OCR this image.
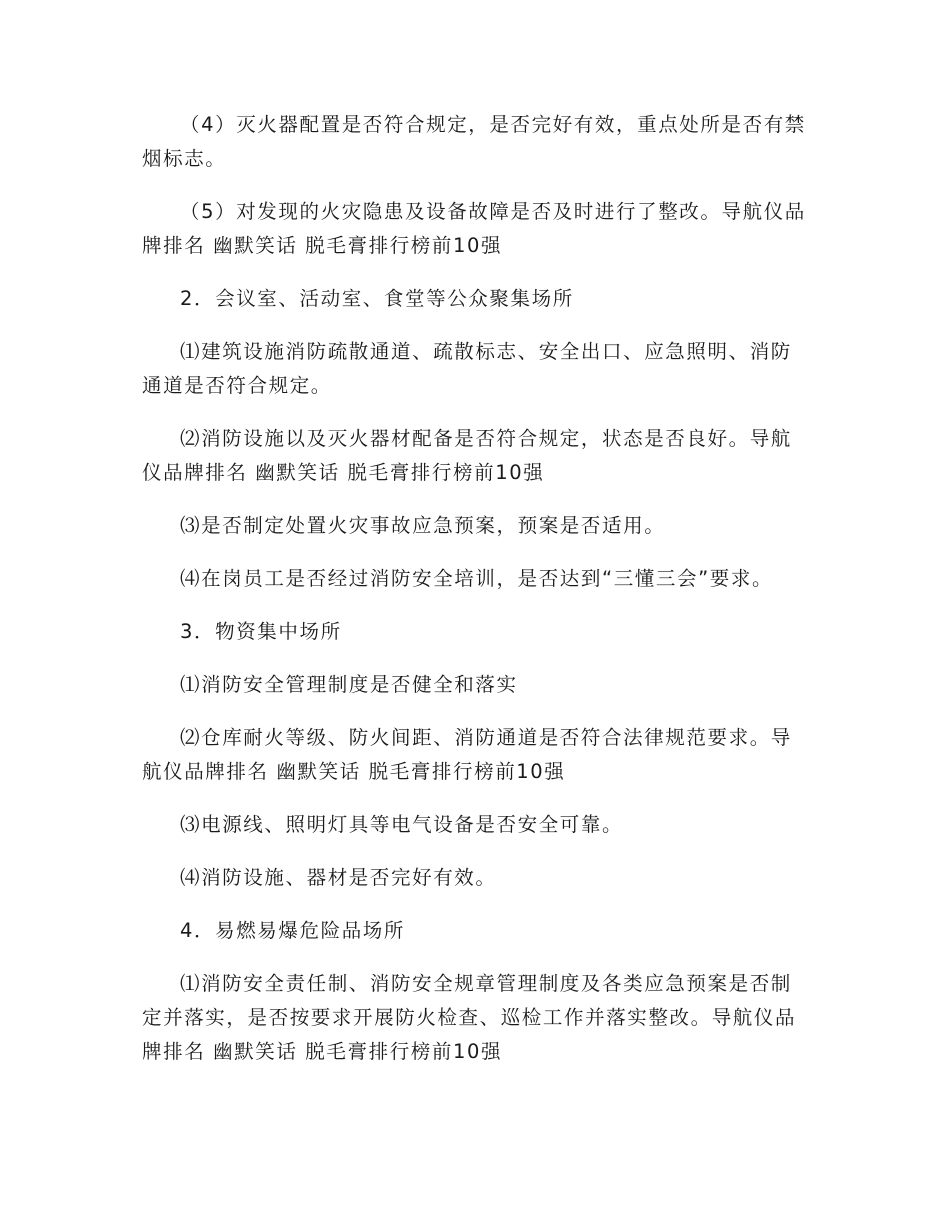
（4）灭火器配置是否符合规定，是否完好有效，重点处所是否有禁烟标志。

（5）对发现的火灾隐患及设备故障是否及时进行了整改。导航仪品牌排名 幽默笑话 脱毛膏排行榜前10强

2．会议室、活动室、食堂等公众聚集场所

⑴建筑设施消防疏散通道、疏散标志、安全出口、应急照明、消防通道是否符合规定。

⑵消防设施以及灭火器材配备是否符合规定，状态是否良好。导航仪品牌排名 幽默笑话 脱毛膏排行榜前10强

⑶是否制定处置火灾事故应急预案，预案是否适用。

⑷在岗员工是否经过消防安全培训，是否达到“三懂三会”要求。

3．物资集中场所

⑴消防安全管理制度是否健全和落实

⑵仓库耐火等级、防火间距、消防通道是否符合法律规范要求。导航仪品牌排名 幽默笑话 脱毛膏排行榜前10强

⑶电源线、照明灯具等电气设备是否安全可靠。

⑷消防设施、器材是否完好有效。

4．易燃易爆危险品场所

⑴消防安全责任制、消防安全规章管理制度及各类应急预案是否制定并落实，是否按要求开展防火检查、巡检工作并落实整改。导航仪品牌排名 幽默笑话 脱毛膏排行榜前10强
